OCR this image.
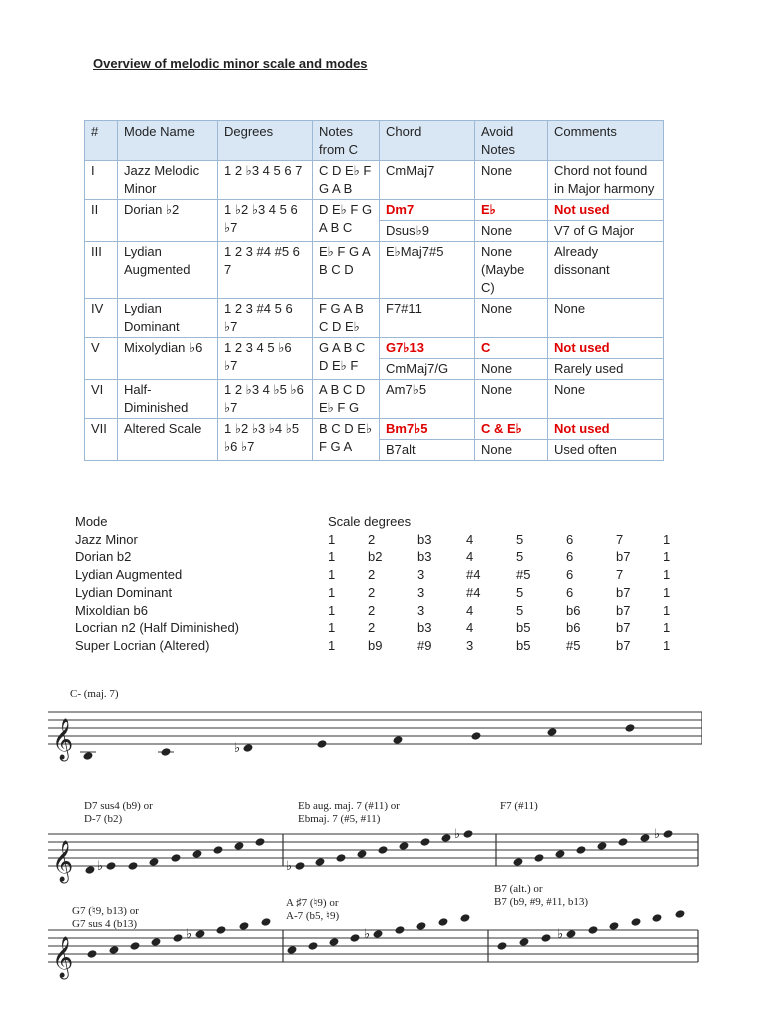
Overview of melodic minor scale and modes
#	Mode Name	Degrees	Notes from C	Chord	Avoid Notes	Comments
I	Jazz Melodic Minor	1 2 ♭3 4 5 6 7	C D E♭ F G A B	CmMaj7	None	Chord not found in Major harmony
II	Dorian ♭2	1 ♭2 ♭3 4 5 6 ♭7	D E♭ F G A B C	Dm7	E♭	Not used
				Dsus♭9	None	V7 of G Major
III	Lydian Augmented	1 2 3 #4 #5 6 7	E♭ F G A B C D	E♭Maj7#5	None (Maybe C)	Already dissonant
IV	Lydian Dominant	1 2 3 #4 5 6 ♭7	F G A B C D E♭	F7#11	None	None
V	Mixolydian ♭6	1 2 3 4 5 ♭6 ♭7	G A B C D E♭ F	G7♭13	C	Not used
				CmMaj7/G	None	Rarely used
VI	Half-Diminished	1 2 ♭3 4 ♭5 ♭6 ♭7	A B C D E♭ F G	Am7♭5	None	None
VII	Altered Scale	1 ♭2 ♭3 ♭4 ♭5 ♭6 ♭7	B C D E♭ F G A	Bm7♭5	C & E♭	Not used
				B7alt	None	Used often
Mode	Scale degrees							
Jazz Minor	1	2	b3	4	5	6	7	1
Dorian b2	1	b2	b3	4	5	6	b7	1
Lydian Augmented	1	2	3	#4	#5	6	7	1
Lydian Dominant	1	2	3	#4	5	6	b7	1
Mixoldian b6	1	2	3	4	5	b6	b7	1
Locrian n2 (Half Diminished)	1	2	b3	4	b5	b6	b7	1
Super Locrian (Altered)	1	b9	#9	3	b5	#5	b7	1
C- (maj. 7)
𝄞	♭
D7 sus4 (b9) or
D-7 (b2)
Eb aug. maj. 7 (#11) or
Ebmaj. 7 (#5, #11)
F7 (#11)
𝄞 ♭	♭
♭	♭
G7 (♮9, b13) or
G7 sus 4 (b13)
A ♯7 (♮9) or
A-7 (b5, ♮9)
B7 (alt.) or
B7 (b9, #9, #11, b13)
𝄞
♭	♭	♭
